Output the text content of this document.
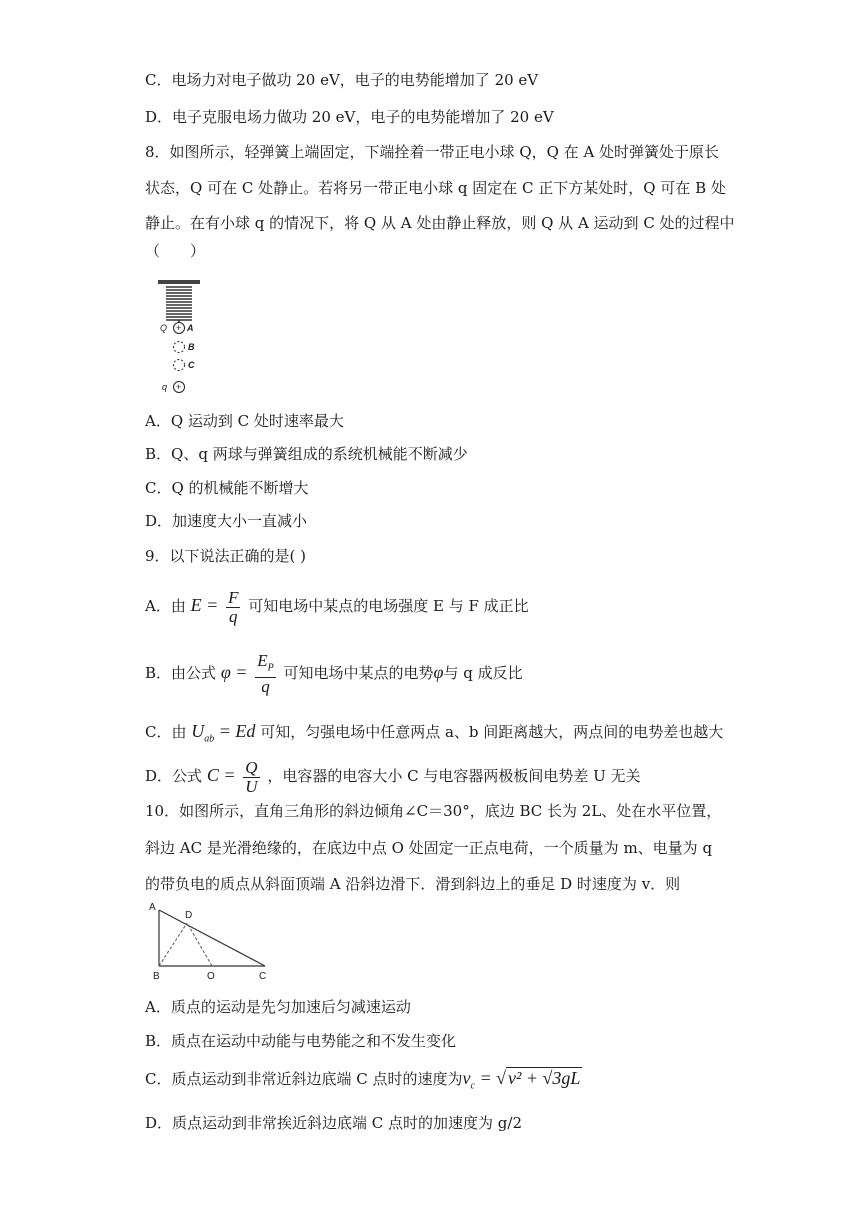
C．电场力对电子做功 20 eV，电子的电势能增加了 20 eV
D．电子克服电场力做功 20 eV，电子的电势能增加了 20 eV
8．如图所示，轻弹簧上端固定，下端拴着一带正电小球 Q，Q 在 A 处时弹簧处于原长
状态，Q 可在 C 处静止。若将另一带正电小球 q 固定在 C 正下方某处时，Q 可在 B 处
静止。在有小球 q 的情况下，将 Q 从 A 处由静止释放，则 Q 从 A 运动到 C 处的过程中
（　　）
+
Q A
B
C
+
q
A．Q 运动到 C 处时速率最大
B．Q、q 两球与弹簧组成的系统机械能不断减少
C．Q 的机械能不断增大
D．加速度大小一直减小
9．以下说法正确的是( )
A．由 $E = \frac{F}{q}$ 可知电场中某点的电场强度 E 与 F 成正比
B．由公式 $\varphi = \frac{E_P}{q}$ 可知电场中某点的电势φ与 q 成反比
C．由 $U_{ab} = Ed$ 可知，匀强电场中任意两点 a、b 间距离越大，两点间的电势差也越大
D．公式 $C = \frac{Q}{U}$ ，电容器的电容大小 C 与电容器两极板间电势差 U 无关
10．如图所示，直角三角形的斜边倾角∠C＝30°，底边 BC 长为 2L、处在水平位置，
斜边 AC 是光滑绝缘的，在底边中点 O 处固定一正点电荷，一个质量为 m、电量为 q
的带负电的质点从斜面顶端 A 沿斜边滑下．滑到斜边上的垂足 D 时速度为 v．则
A
D
B	O	C
A．质点的运动是先匀加速后匀减速运动
B．质点在运动中动能与电势能之和不发生变化
C．质点运动到非常近斜边底端 C 点时的速度为$v_c$ = √ v² + √3gL
D．质点运动到非常挨近斜边底端 C 点时的加速度为 g/2
